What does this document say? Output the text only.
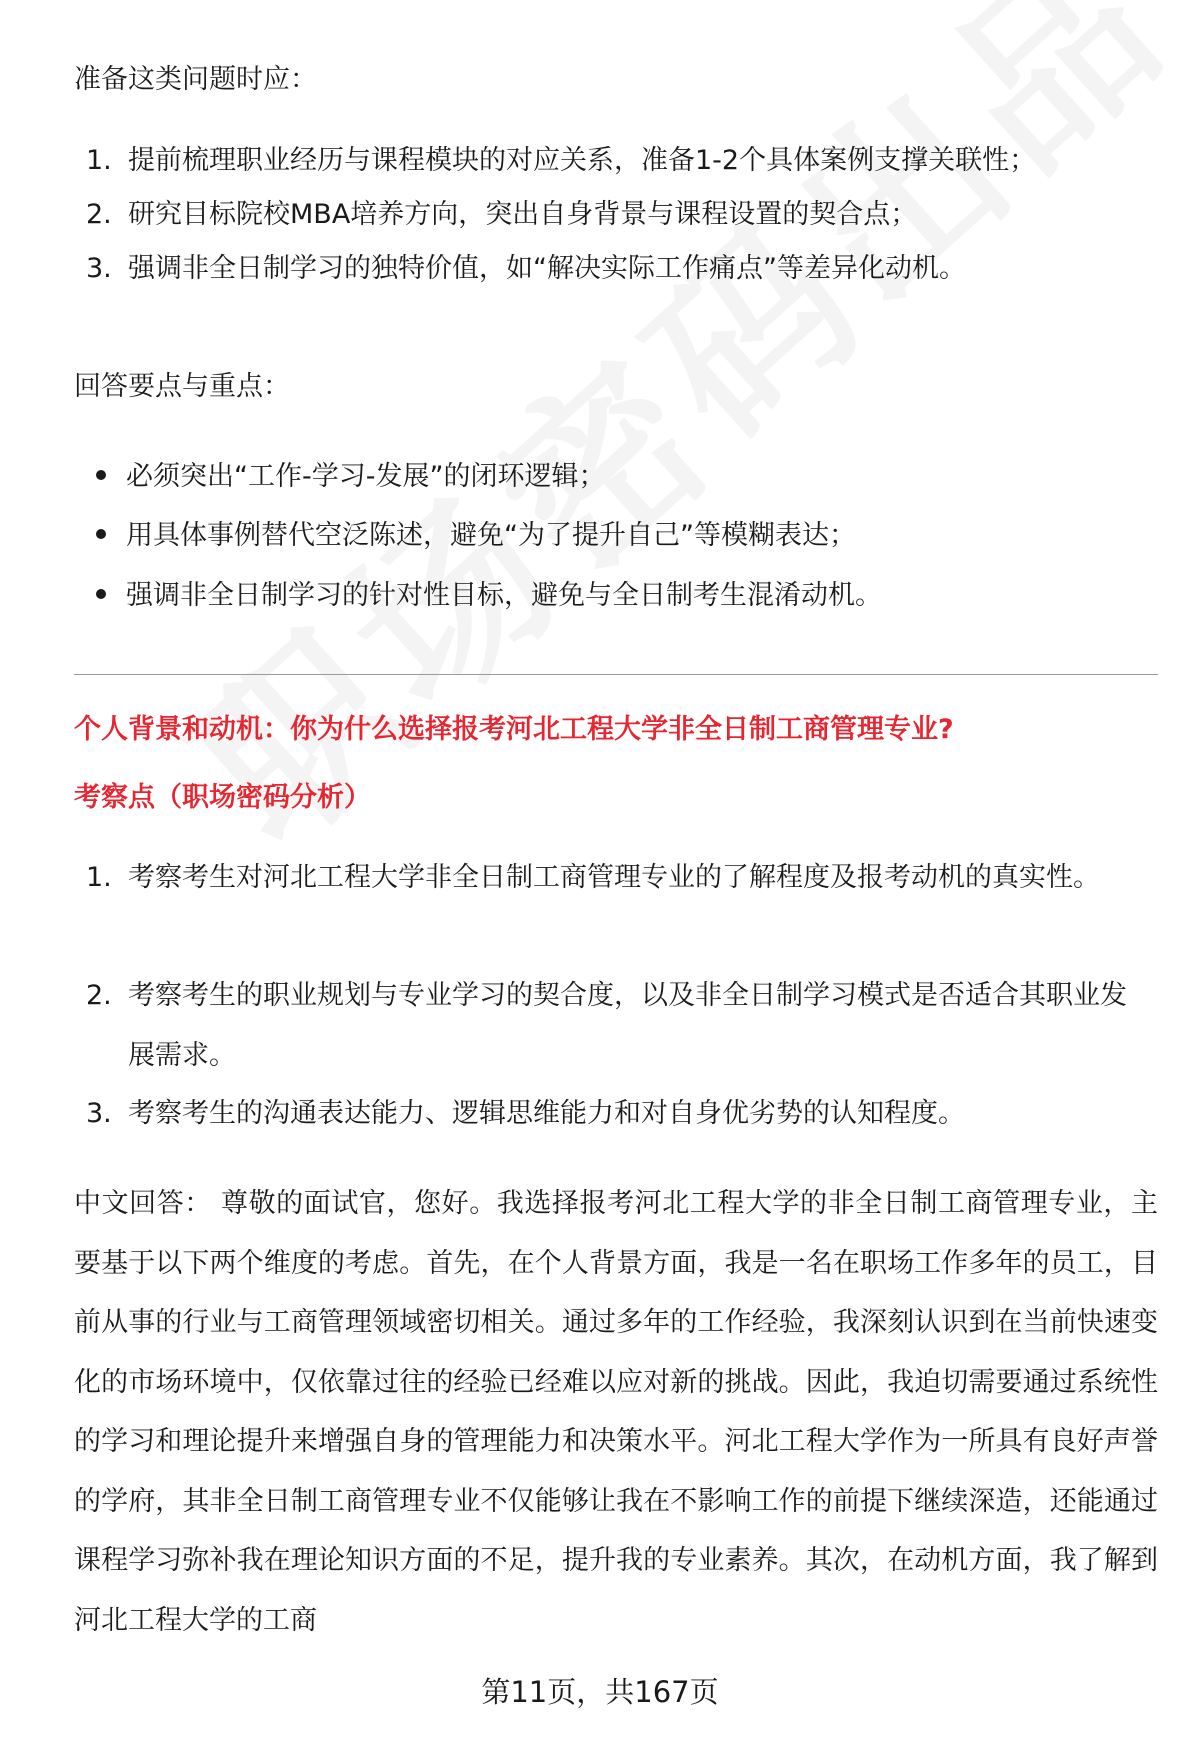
准备这类问题时应：
1. 提前梳理职业经历与课程模块的对应关系，准备1-2个具体案例支撑关联性；
2. 研究目标院校MBA培养方向，突出自身背景与课程设置的契合点；
3. 强调非全日制学习的独特价值，如“解决实际工作痛点”等差异化动机。
回答要点与重点：
必须突出“工作-学习-发展”的闭环逻辑；
用具体事例替代空泛陈述，避免“为了提升自己”等模糊表达；
强调非全日制学习的针对性目标，避免与全日制考生混淆动机。
个人背景和动机：你为什么选择报考河北工程大学非全日制工商管理专业?
考察点（职场密码分析）
1. 考察考生对河北工程大学非全日制工商管理专业的了解程度及报考动机的真实性。
2. 考察考生的职业规划与专业学习的契合度，以及非全日制学习模式是否适合其职业发展需求。
3. 考察考生的沟通表达能力、逻辑思维能力和对自身优劣势的认知程度。
中文回答： 尊敬的面试官，您好。我选择报考河北工程大学的非全日制工商管理专业，主要基于以下两个维度的考虑。首先，在个人背景方面，我是一名在职场工作多年的员工，目前从事的行业与工商管理领域密切相关。通过多年的工作经验，我深刻认识到在当前快速变化的市场环境中，仅依靠过往的经验已经难以应对新的挑战。因此，我迫切需要通过系统性的学习和理论提升来增强自身的管理能力和决策水平。河北工程大学作为一所具有良好声誉的学府，其非全日制工商管理专业不仅能够让我在不影响工作的前提下继续深造，还能通过课程学习弥补我在理论知识方面的不足，提升我的专业素养。其次，在动机方面，我了解到河北工程大学的工商
第11页，共167页
